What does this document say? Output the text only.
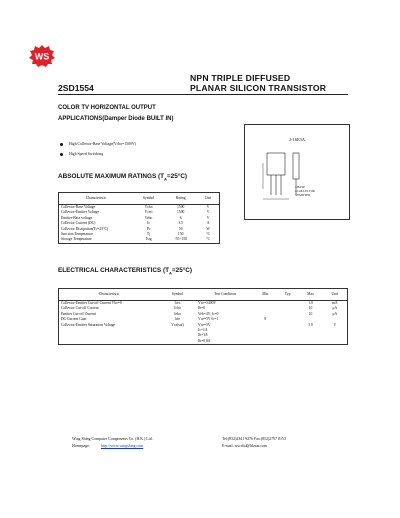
WS
NPN TRIPLE DIFFUSED
PLANAR SILICON TRANSISTOR
2SD1554
COLOR TV HORIZONTAL OUTPUT
APPLICATIONS(Damper Diode BUILT IN)
High Collector-Base Voltage(Vcbo=1500V)
High Speed Switching
2-16E3A
1.BASE
2.COLLECTOR
3.EMITTER
ABSOLUTE MAXIMUM RATINGS $(T_A=25^\circ C)$
Characteristic	Symbol	Rating	Unit
Collector-Base Voltage	Vcbo	1500	V
Collector-Emitter Voltage	Vceo	1500	V
Emitter-Base voltage	Vebo	6	V
Collector Current (DC)	Ic	3.5	A
Collector Dissipation(Tc=25°C)	Pc	50	W
Junction Temperature	Tj	150	°C
Storage Temperature	Tstg	-55~150	°C
ELECTRICAL CHARACTERISTICS $(T_A=25^\circ C)$
Characteristic	Symbol	Test Condition	Min	Typ	Max	Unit
Collector-Emitter Cut-off Current Vbe=0	Ices	Vce=1400V			1.0	mA
Collector Cut-off Current	Icbo	Ib=0			10	μA
Emitter Cut-off Current	Iebo	Veb=4V, Ic=0			10	μA
DC Current Gain	hfe	Vce=5V Ic=1	8			
Collector-Emitter Saturation Voltage	Vce(sat)	Vce=5V			5.0	V
		Ic=1A				
		Ib=1A				
		Ib=0.8A				
Wing Shing Computer Components Co. (H.K.) Ltd.	Tel:(852)2341 9276 Fax:(852)2797 8153
Homepage:	http://www.wingshing.com	E-mail: wsccltd@hkstar.com
